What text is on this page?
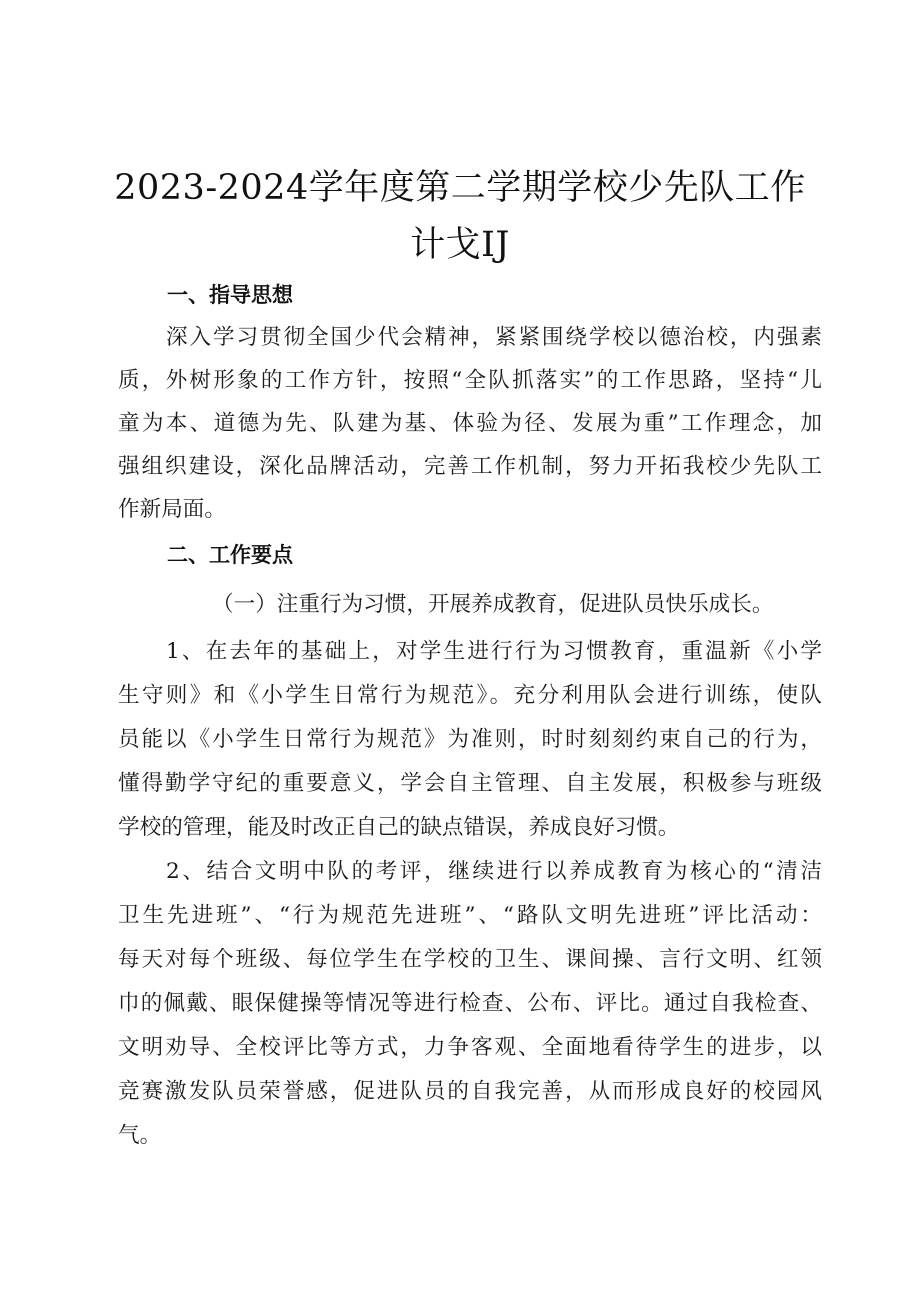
2023-2024学年度第二学期学校少先队工作
计戈IJ
一、指导思想
深入学习贯彻全国少代会精神，紧紧围绕学校以德治校，内强素
质，外树形象的工作方针，按照“全队抓落实”的工作思路，坚持“儿
童为本、道德为先、队建为基、体验为径、发展为重”工作理念，加
强组织建设，深化品牌活动，完善工作机制，努力开拓我校少先队工
作新局面。
二、工作要点
（一）注重行为习惯，开展养成教育，促进队员快乐成长。
1、在去年的基础上，对学生进行行为习惯教育，重温新《小学
生守则》和《小学生日常行为规范》。充分利用队会进行训练，使队
员能以《小学生日常行为规范》为准则，时时刻刻约束自己的行为，
懂得勤学守纪的重要意义，学会自主管理、自主发展，积极参与班级
学校的管理，能及时改正自己的缺点错误，养成良好习惯。
2、结合文明中队的考评，继续进行以养成教育为核心的“清洁
卫生先进班”、“行为规范先进班”、“路队文明先进班”评比活动：
每天对每个班级、每位学生在学校的卫生、课间操、言行文明、红领
巾的佩戴、眼保健操等情况等进行检查、公布、评比。通过自我检查、
文明劝导、全校评比等方式，力争客观、全面地看待学生的进步，以
竞赛激发队员荣誉感，促进队员的自我完善，从而形成良好的校园风
气。
